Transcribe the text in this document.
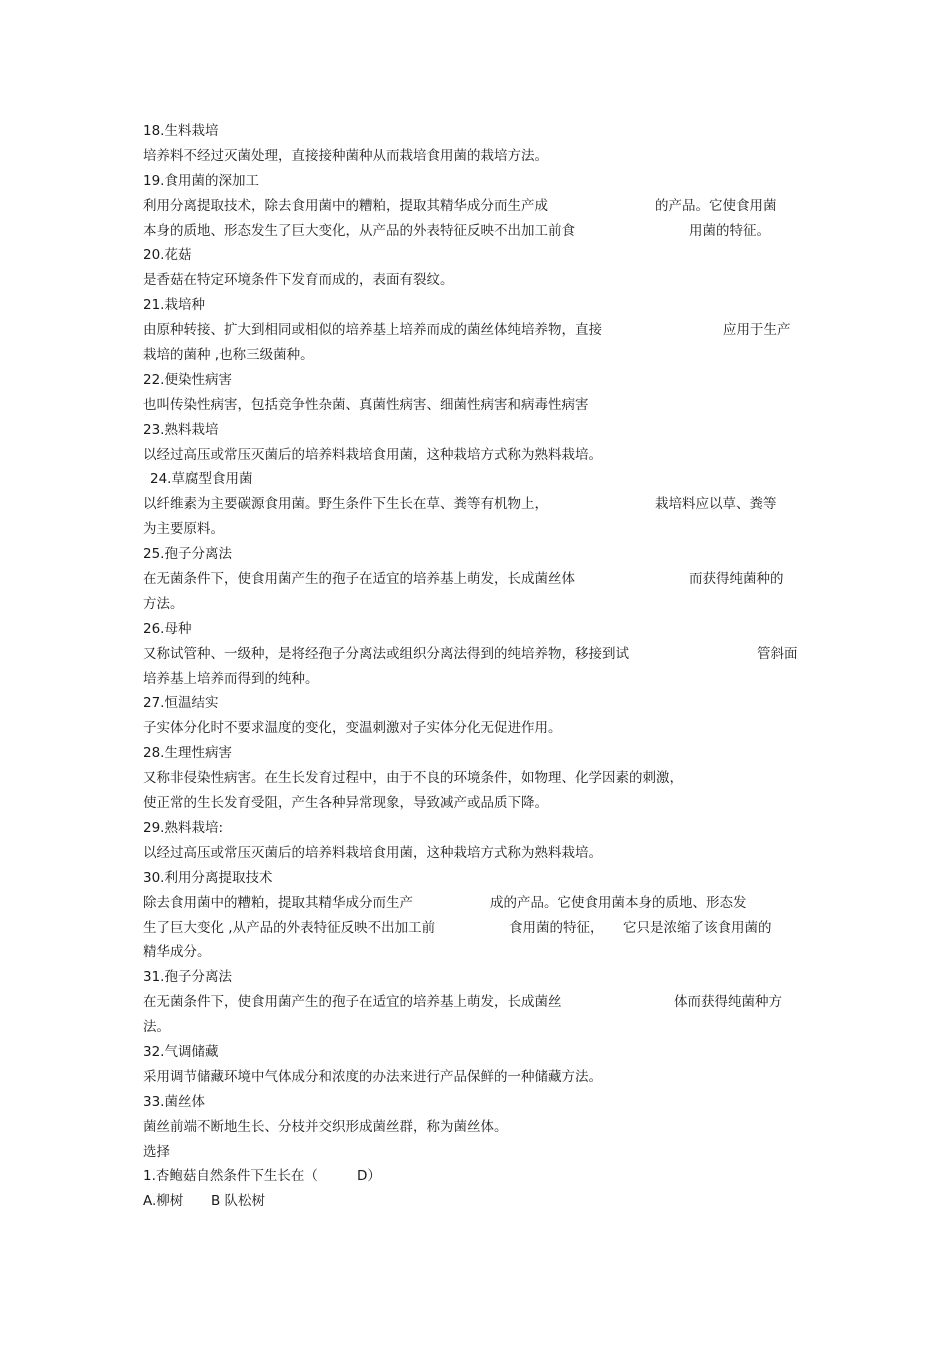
18.生料栽培
培养料不经过灭菌处理，直接接种菌种从而栽培食用菌的栽培方法。
19.食用菌的深加工
利用分离提取技术，除去食用菌中的糟粕，提取其精华成分而生产成	的产品。它使食用菌
本身的质地、形态发生了巨大变化，从产品的外表特征反映不出加工前食	用菌的特征。
20.花菇
是香菇在特定环境条件下发育而成的，表面有裂纹。
21.栽培种
由原种转接、扩大到相同或相似的培养基上培养而成的菌丝体纯培养物，直接	应用于生产
栽培的菌种 ,也称三级菌种。
22.便染性病害
也叫传染性病害，包括竞争性杂菌、真菌性病害、细菌性病害和病毒性病害
23.熟料栽培
以经过高压或常压灭菌后的培养料栽培食用菌，这种栽培方式称为熟料栽培。
24.草腐型食用菌
以纤维素为主要碳源食用菌。野生条件下生长在草、粪等有机物上，	栽培料应以草、粪等
为主要原料。
25.孢子分离法
在无菌条件下，使食用菌产生的孢子在适宜的培养基上萌发，长成菌丝体	而获得纯菌种的
方法。
26.母种
又称试管种、一级种，是将经孢子分离法或组织分离法得到的纯培养物，移接到试	管斜面
培养基上培养而得到的纯种。
27.恒温结实
子实体分化时不要求温度的变化，变温刺激对子实体分化无促进作用。
28.生理性病害
又称非侵染性病害。在生长发育过程中，由于不良的环境条件，如物理、化学因素的刺激，
使正常的生长发育受阻，产生各种异常现象，导致减产或品质下降。
29.熟料栽培:
以经过高压或常压灭菌后的培养料栽培食用菌，这种栽培方式称为熟料栽培。
30.利用分离提取技术
除去食用菌中的糟粕，提取其精华成分而生产	成的产品。它使食用菌本身的质地、形态发
生了巨大变化 ,从产品的外表特征反映不出加工前	食用菌的特征， 它只是浓缩了该食用菌的
精华成分。
31.孢子分离法
在无菌条件下，使食用菌产生的孢子在适宜的培养基上萌发，长成菌丝	体而获得纯菌种方
法。
32.气调储藏
采用调节储藏环境中气体成分和浓度的办法来进行产品保鲜的一种储藏方法。
33.菌丝体
菌丝前端不断地生长、分枝并交织形成菌丝群，称为菌丝体。
选择
1.杏鲍菇自然条件下生长在（	D）
A.柳树 B 队松树
